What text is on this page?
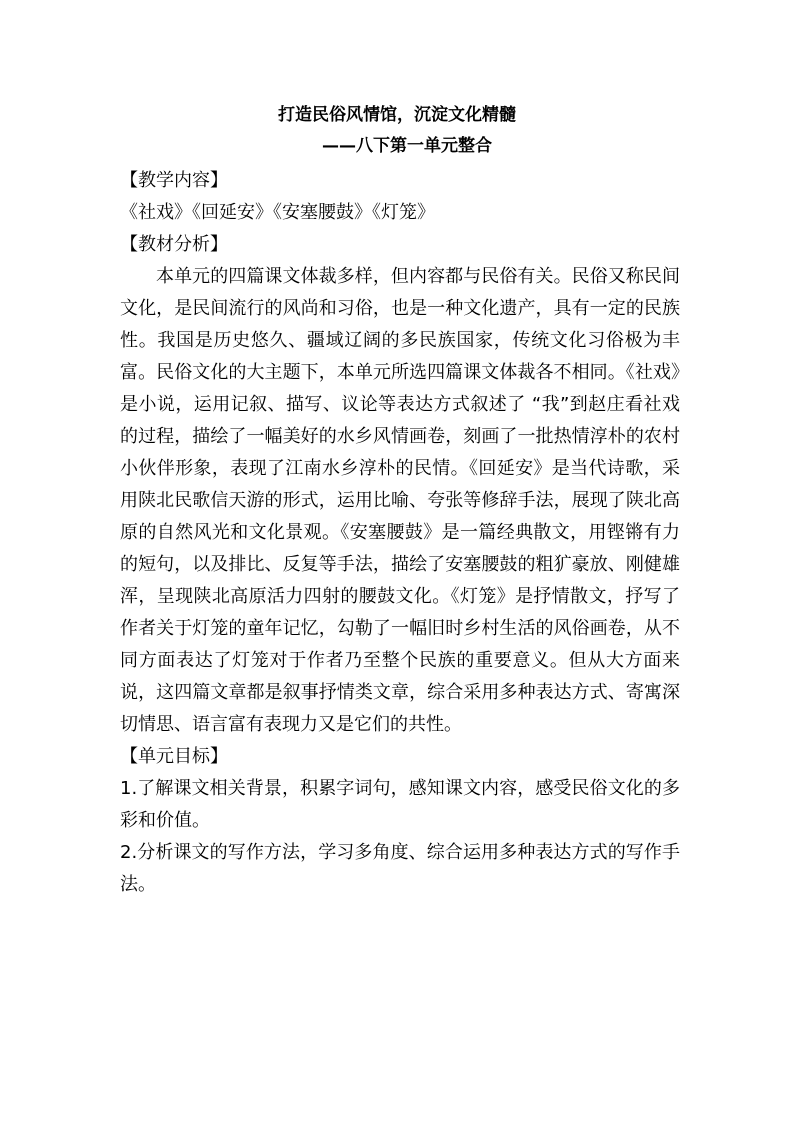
打造民俗风情馆，沉淀文化精髓
——八下第一单元整合

【教学内容】

《社戏》《回延安》《安塞腰鼓》《灯笼》

【教材分析】

本单元的四篇课文体裁多样，但内容都与民俗有关。民俗又称民间文化，是民间流行的风尚和习俗，也是一种文化遗产，具有一定的民族性。我国是历史悠久、疆域辽阔的多民族国家，传统文化习俗极为丰富。民俗文化的大主题下，本单元所选四篇课文体裁各不相同。《社戏》是小说，运用记叙、描写、议论等表达方式叙述了 “我”到赵庄看社戏的过程，描绘了一幅美好的水乡风情画卷，刻画了一批热情淳朴的农村小伙伴形象，表现了江南水乡淳朴的民情。《回延安》是当代诗歌，采用陕北民歌信天游的形式，运用比喻、夸张等修辞手法，展现了陕北高原的自然风光和文化景观。《安塞腰鼓》是一篇经典散文，用铿锵有力的短句，以及排比、反复等手法，描绘了安塞腰鼓的粗犷豪放、刚健雄浑，呈现陕北高原活力四射的腰鼓文化。《灯笼》是抒情散文，抒写了作者关于灯笼的童年记忆，勾勒了一幅旧时乡村生活的风俗画卷，从不同方面表达了灯笼对于作者乃至整个民族的重要意义。但从大方面来说，这四篇文章都是叙事抒情类文章，综合采用多种表达方式、寄寓深切情思、语言富有表现力又是它们的共性。

【单元目标】

1.了解课文相关背景，积累字词句，感知课文内容，感受民俗文化的多彩和价值。

2.分析课文的写作方法，学习多角度、综合运用多种表达方式的写作手法。
